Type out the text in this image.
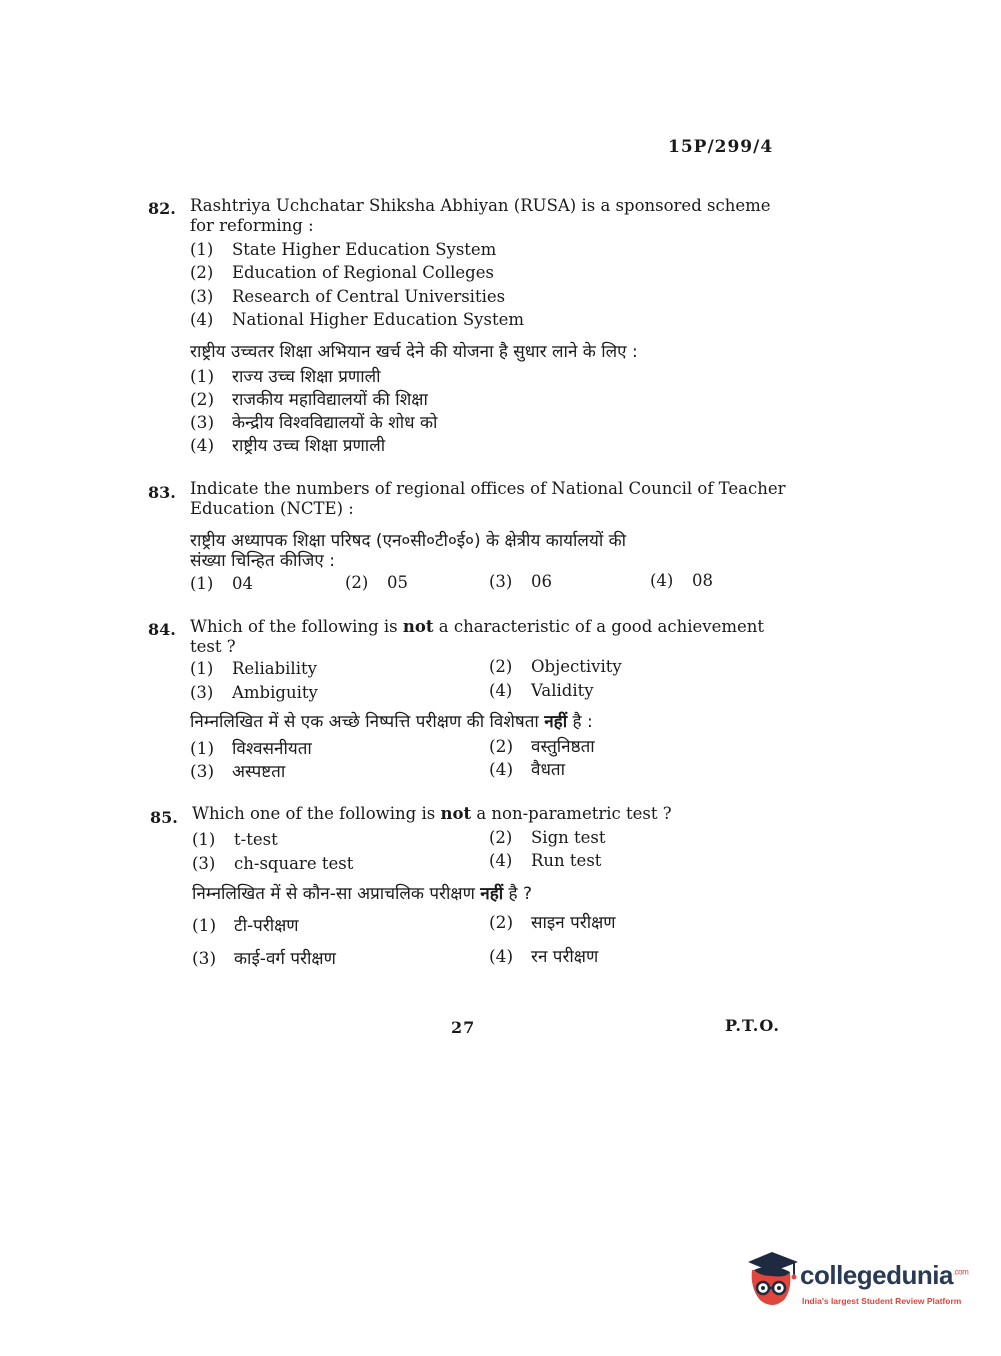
15P/299/4
82. Rashtriya Uchchatar Shiksha Abhiyan (RUSA) is a sponsored scheme
for reforming :
(1) State Higher Education System
(2) Education of Regional Colleges
(3) Research of Central Universities
(4) National Higher Education System
राष्ट्रीय उच्चतर शिक्षा अभियान खर्च देने की योजना है सुधार लाने के लिए :
(1) राज्य उच्च शिक्षा प्रणाली
(2) राजकीय महाविद्यालयों की शिक्षा
(3) केन्द्रीय विश्वविद्यालयों के शोध को
(4) राष्ट्रीय उच्च शिक्षा प्रणाली
83. Indicate the numbers of regional offices of National Council of Teacher
Education (NCTE) :
राष्ट्रीय अध्यापक शिक्षा परिषद (एन०सी०टी०ई०) के क्षेत्रीय कार्यालयों की
संख्या चिन्हित कीजिए :
(1) 04	(2) 05	(3) 06	(4) 08
84. Which of the following is not a characteristic of a good achievement
test ?
(1) Reliability	(2) Objectivity
(3) Ambiguity	(4) Validity
निम्नलिखित में से एक अच्छे निष्पत्ति परीक्षण की विशेषता नहीं है :
(1) विश्वसनीयता	(2) वस्तुनिष्ठता
(3) अस्पष्टता	(4) वैधता
85. Which one of the following is not a non-parametric test ?
(1) t-test	(2) Sign test
(3) ch-square test	(4) Run test
निम्नलिखित में से कौन-सा अप्राचलिक परीक्षण नहीं है ?
(1) टी-परीक्षण	(2) साइन परीक्षण
(3) काई-वर्ग परीक्षण	(4) रन परीक्षण
27	P.T.O.
collegedunia$^{.com}$
India's largest Student Review Platform
